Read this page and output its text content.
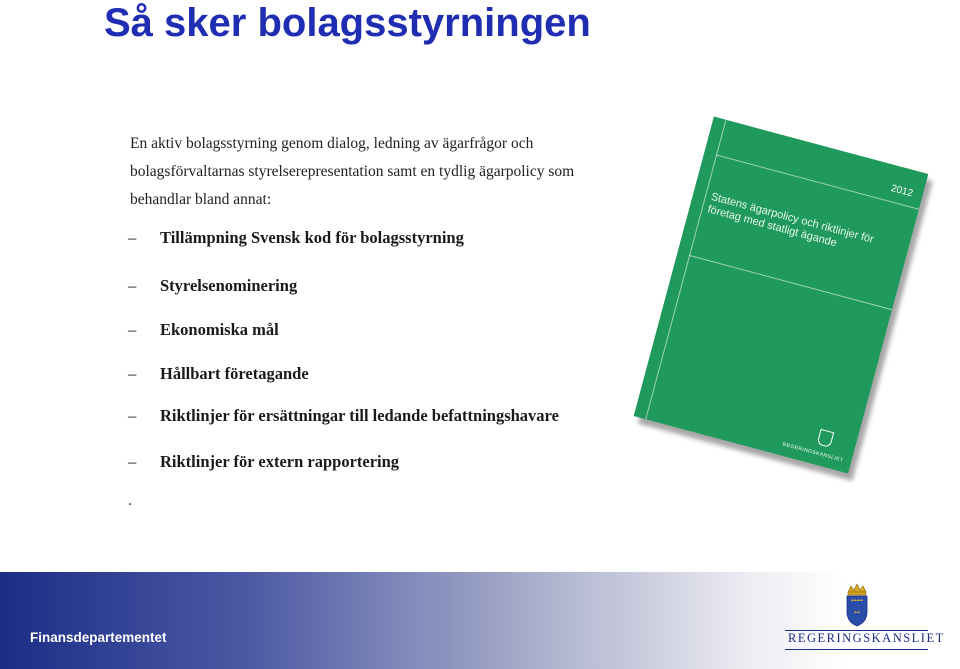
Så sker bolagsstyrningen
En aktiv bolagsstyrning genom dialog, ledning av ägarfrågor och bolagsförvaltarnas styrelserepresentation samt en tydlig ägarpolicy som behandlar bland annat:
– Tillämpning Svensk kod för bolagsstyrning
– Styrelsenominering
– Ekonomiska mål
– Hållbart företagande
– Riktlinjer för ersättningar till ledande befattningshavare
– Riktlinjer för extern rapportering
.
2012
Statens ägarpolicy och riktlinjer för företag med statligt ägande
REGERINGSKANSLIET
Finansdepartementet	REGERINGSKANSLIET
